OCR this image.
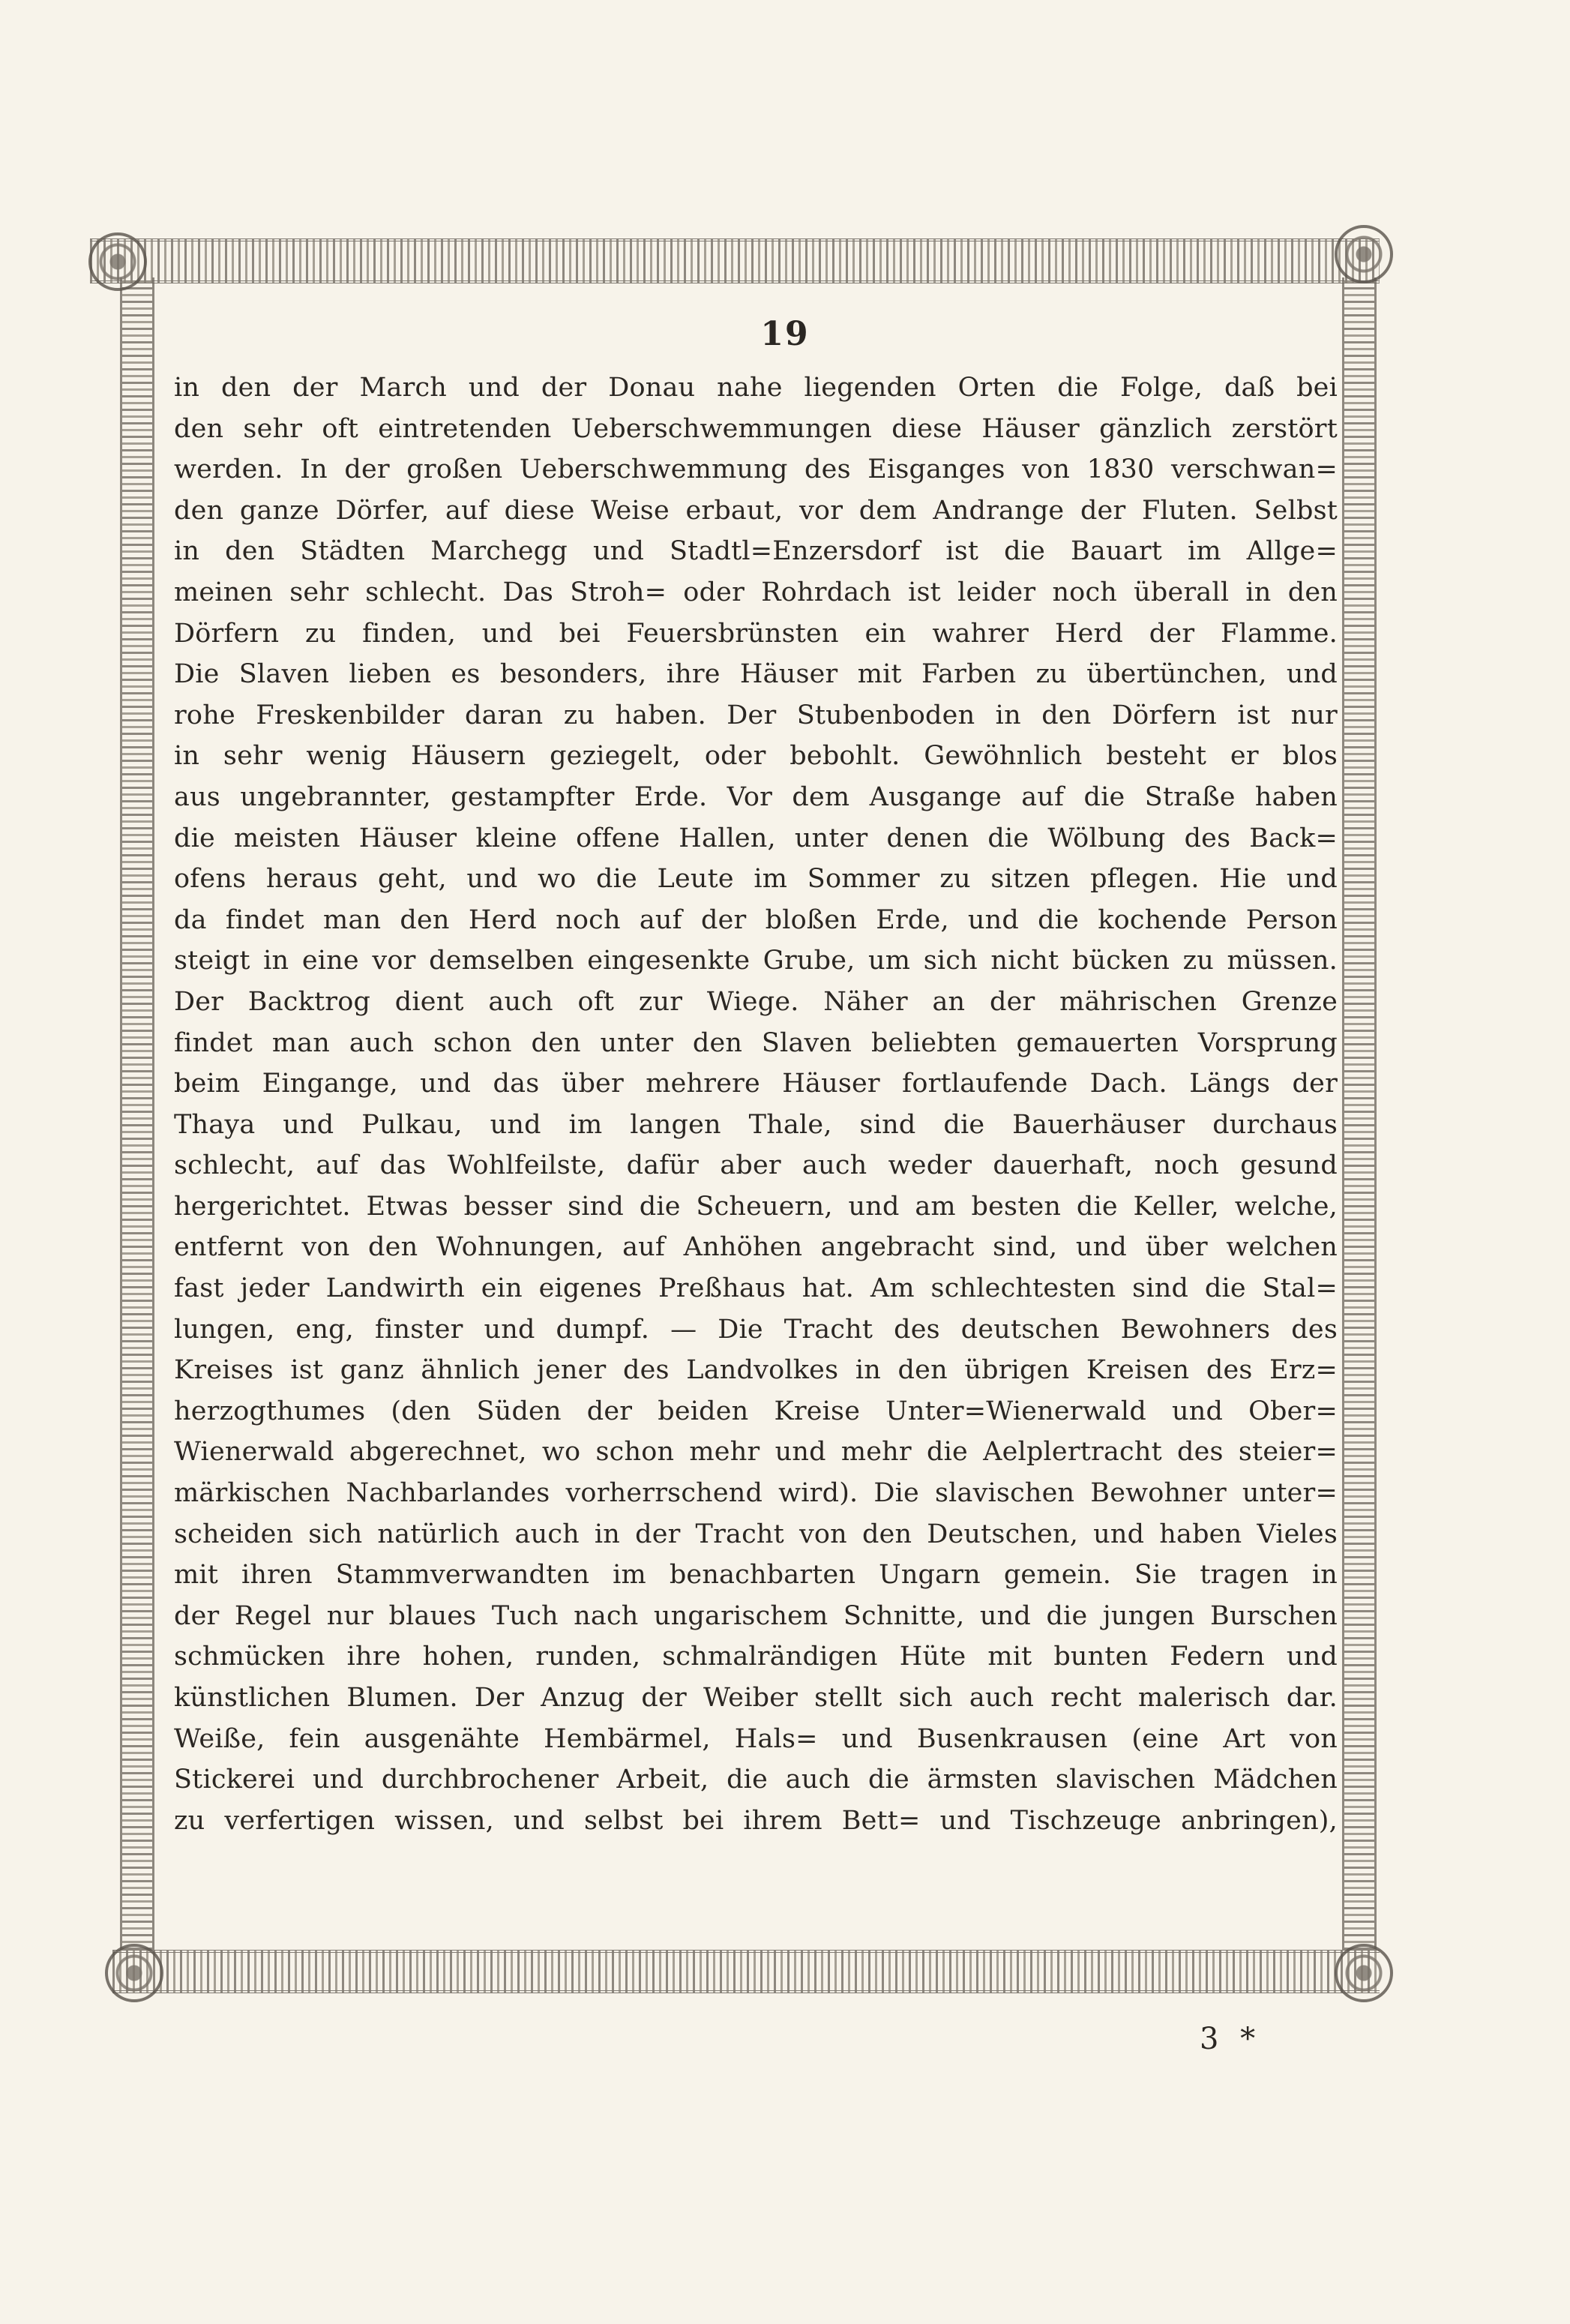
19
in den der March und der Donau nahe liegenden Orten die Folge, daß bei
den sehr oft eintretenden Ueberschwemmungen diese Häuser gänzlich zerstört
werden. In der großen Ueberschwemmung des Eisganges von 1830 verschwan=
den ganze Dörfer, auf diese Weise erbaut, vor dem Andrange der Fluten. Selbst
in den Städten Marchegg und Stadtl=Enzersdorf ist die Bauart im Allge=
meinen sehr schlecht. Das Stroh= oder Rohrdach ist leider noch überall in den
Dörfern zu finden, und bei Feuersbrünsten ein wahrer Herd der Flamme.
Die Slaven lieben es besonders, ihre Häuser mit Farben zu übertünchen, und
rohe Freskenbilder daran zu haben. Der Stubenboden in den Dörfern ist nur
in sehr wenig Häusern geziegelt, oder bebohlt. Gewöhnlich besteht er blos
aus ungebrannter, gestampfter Erde. Vor dem Ausgange auf die Straße haben
die meisten Häuser kleine offene Hallen, unter denen die Wölbung des Back=
ofens heraus geht, und wo die Leute im Sommer zu sitzen pflegen. Hie und
da findet man den Herd noch auf der bloßen Erde, und die kochende Person
steigt in eine vor demselben eingesenkte Grube, um sich nicht bücken zu müssen.
Der Backtrog dient auch oft zur Wiege. Näher an der mährischen Grenze
findet man auch schon den unter den Slaven beliebten gemauerten Vorsprung
beim Eingange, und das über mehrere Häuser fortlaufende Dach. Längs der
Thaya und Pulkau, und im langen Thale, sind die Bauerhäuser durchaus
schlecht, auf das Wohlfeilste, dafür aber auch weder dauerhaft, noch gesund
hergerichtet. Etwas besser sind die Scheuern, und am besten die Keller, welche,
entfernt von den Wohnungen, auf Anhöhen angebracht sind, und über welchen
fast jeder Landwirth ein eigenes Preßhaus hat. Am schlechtesten sind die Stal=
lungen, eng, finster und dumpf. — Die Tracht des deutschen Bewohners des
Kreises ist ganz ähnlich jener des Landvolkes in den übrigen Kreisen des Erz=
herzogthumes (den Süden der beiden Kreise Unter=Wienerwald und Ober=
Wienerwald abgerechnet, wo schon mehr und mehr die Aelplertracht des steier=
märkischen Nachbarlandes vorherrschend wird). Die slavischen Bewohner unter=
scheiden sich natürlich auch in der Tracht von den Deutschen, und haben Vieles
mit ihren Stammverwandten im benachbarten Ungarn gemein. Sie tragen in
der Regel nur blaues Tuch nach ungarischem Schnitte, und die jungen Burschen
schmücken ihre hohen, runden, schmalrändigen Hüte mit bunten Federn und
künstlichen Blumen. Der Anzug der Weiber stellt sich auch recht malerisch dar.
Weiße, fein ausgenähte Hembärmel, Hals= und Busenkrausen (eine Art von
Stickerei und durchbrochener Arbeit, die auch die ärmsten slavischen Mädchen
zu verfertigen wissen, und selbst bei ihrem Bett= und Tischzeuge anbringen),
3 *
